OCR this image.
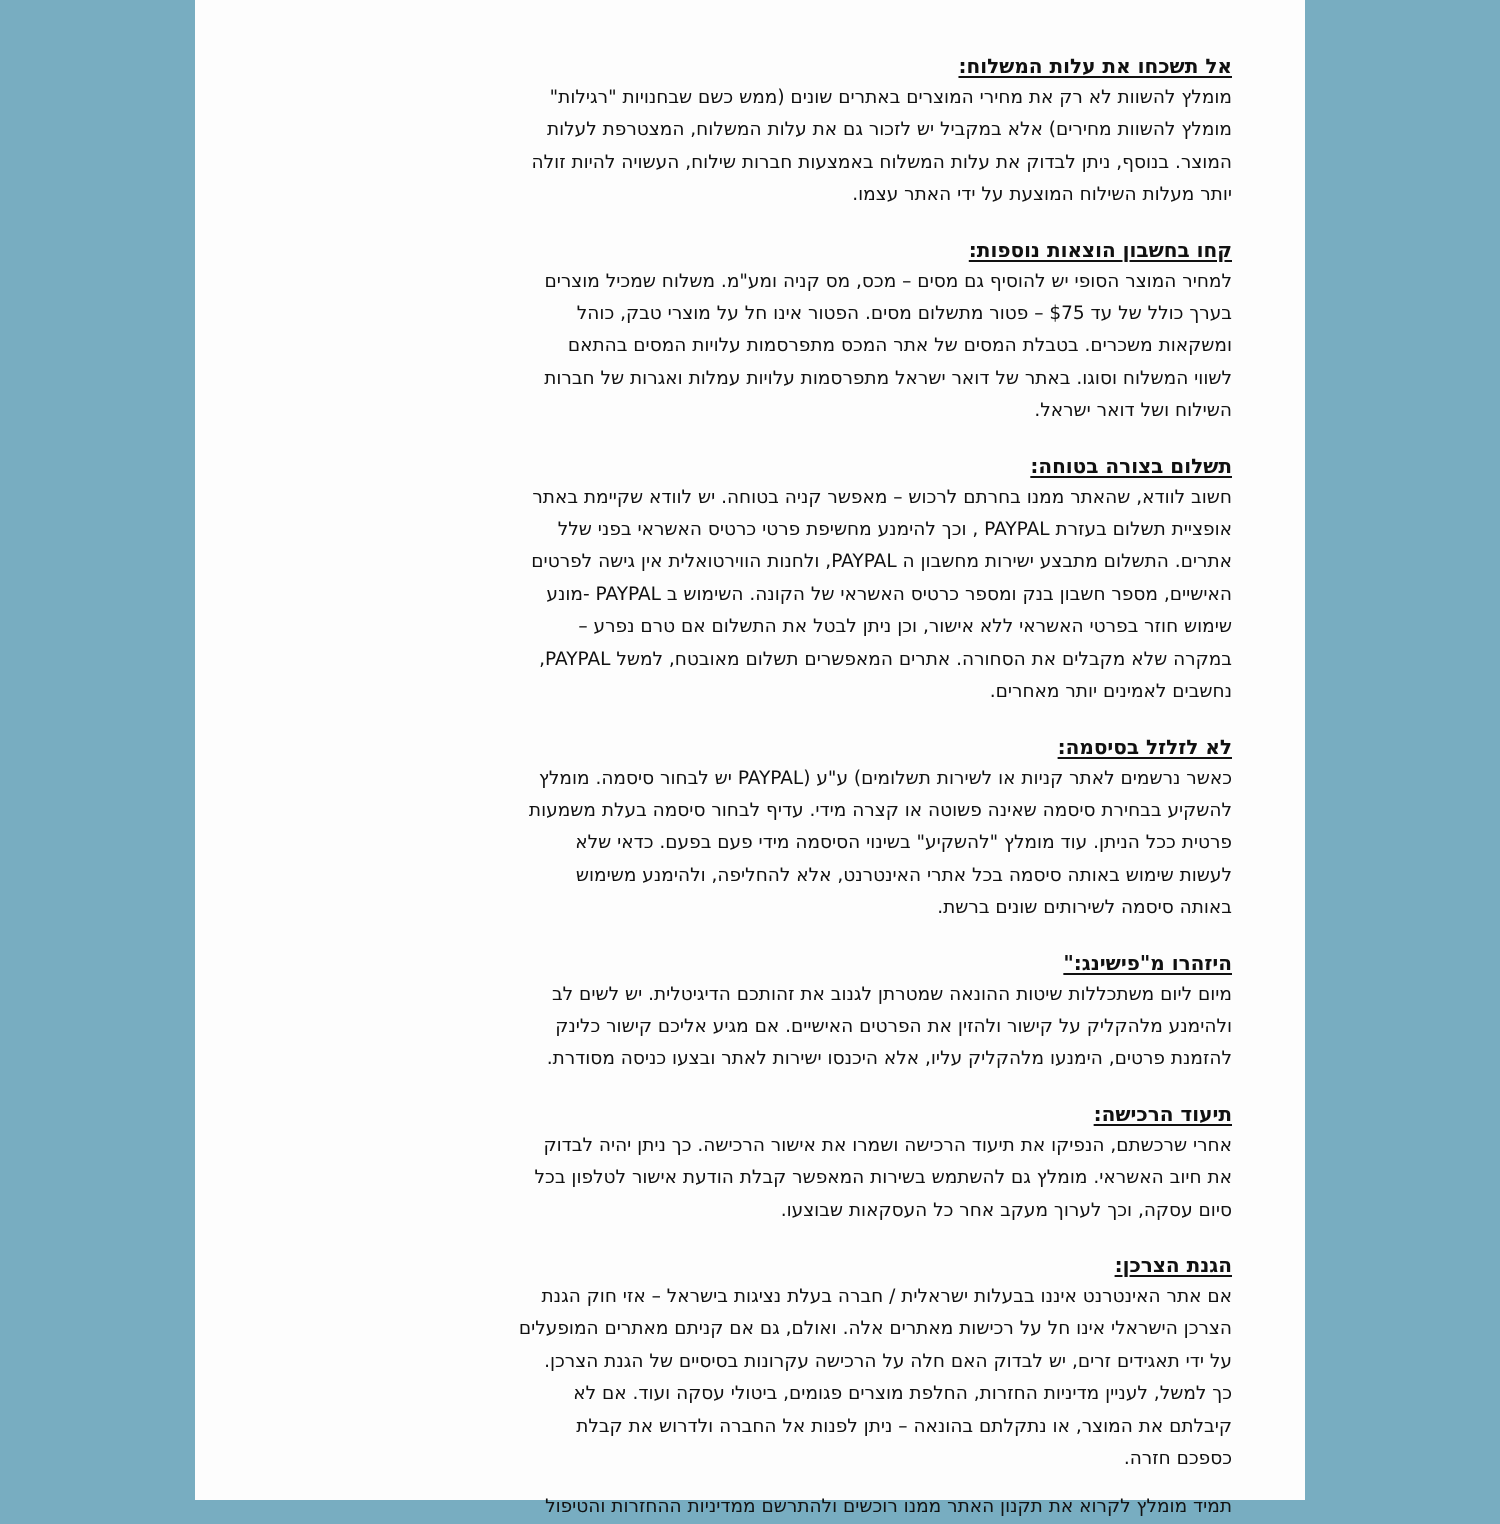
אל תשכחו את עלות המשלוח:
מומלץ להשוות לא רק את מחירי המוצרים באתרים שונים (ממש כשם שבחנויות "רגילות"
מומלץ להשוות מחירים) אלא במקביל יש לזכור גם את עלות המשלוח, המצטרפת לעלות
המוצר. בנוסף, ניתן לבדוק את עלות המשלוח באמצעות חברות שילוח, העשויה להיות זולה
יותר מעלות השילוח המוצעת על ידי האתר עצמו.
קחו בחשבון הוצאות נוספות:
למחיר המוצר הסופי יש להוסיף גם מסים – מכס, מס קניה ומע"מ. משלוח שמכיל מוצרים
בערך כולל של עד $75 – פטור מתשלום מסים. הפטור אינו חל על מוצרי טבק, כוהל
ומשקאות משכרים. בטבלת המסים של אתר המכס מתפרסמות עלויות המסים בהתאם
לשווי המשלוח וסוגו. באתר של דואר ישראל מתפרסמות עלויות עמלות ואגרות של חברות
השילוח ושל דואר ישראל.
תשלום בצורה בטוחה:
חשוב לוודא, שהאתר ממנו בחרתם לרכוש – מאפשר קניה בטוחה. יש לוודא שקיימת באתר
אופציית תשלום בעזרת PAYPAL , וכך להימנע מחשיפת פרטי כרטיס האשראי בפני שלל
אתרים. התשלום מתבצע ישירות מחשבון ה PAYPAL, ולחנות הווירטואלית אין גישה לפרטים
האישיים, מספר חשבון בנק ומספר כרטיס האשראי של הקונה. השימוש ב PAYPAL -מונע
שימוש חוזר בפרטי האשראי ללא אישור, וכן ניתן לבטל את התשלום אם טרם נפרע –
במקרה שלא מקבלים את הסחורה. אתרים המאפשרים תשלום מאובטח, למשל PAYPAL,
נחשבים לאמינים יותר מאחרים.
לא לזלזל בסיסמה:
כאשר נרשמים לאתר קניות או לשירות תשלומים) ע"ע (PAYPAL יש לבחור סיסמה. מומלץ
להשקיע בבחירת סיסמה שאינה פשוטה או קצרה מידי. עדיף לבחור סיסמה בעלת משמעות
פרטית ככל הניתן. עוד מומלץ "להשקיע" בשינוי הסיסמה מידי פעם בפעם. כדאי שלא
לעשות שימוש באותה סיסמה בכל אתרי האינטרנט, אלא להחליפה, ולהימנע משימוש
באותה סיסמה לשירותים שונים ברשת.
היזהרו מ"פישינג:"
מיום ליום משתכללות שיטות ההונאה שמטרתן לגנוב את זהותכם הדיגיטלית. יש לשים לב
ולהימנע מלהקליק על קישור ולהזין את הפרטים האישיים. אם מגיע אליכם קישור כלינק
להזמנת פרטים, הימנעו מלהקליק עליו, אלא היכנסו ישירות לאתר ובצעו כניסה מסודרת.
תיעוד הרכישה:
אחרי שרכשתם, הנפיקו את תיעוד הרכישה ושמרו את אישור הרכישה. כך ניתן יהיה לבדוק
את חיוב האשראי. מומלץ גם להשתמש בשירות המאפשר קבלת הודעת אישור לטלפון בכל
סיום עסקה, וכך לערוך מעקב אחר כל העסקאות שבוצעו.
הגנת הצרכן:
אם אתר האינטרנט איננו בבעלות ישראלית / חברה בעלת נציגות בישראל – אזי חוק הגנת
הצרכן הישראלי אינו חל על רכישות מאתרים אלה. ואולם, גם אם קניתם מאתרים המופעלים
על ידי תאגידים זרים, יש לבדוק האם חלה על הרכישה עקרונות בסיסיים של הגנת הצרכן.
כך למשל, לעניין מדיניות החזרות, החלפת מוצרים פגומים, ביטולי עסקה ועוד. אם לא
קיבלתם את המוצר, או נתקלתם בהונאה – ניתן לפנות אל החברה ולדרוש את קבלת
כספכם חזרה.
תמיד מומלץ לקרוא את תקנון האתר ממנו רוכשים ולהתרשם ממדיניות ההחזרות והטיפול
